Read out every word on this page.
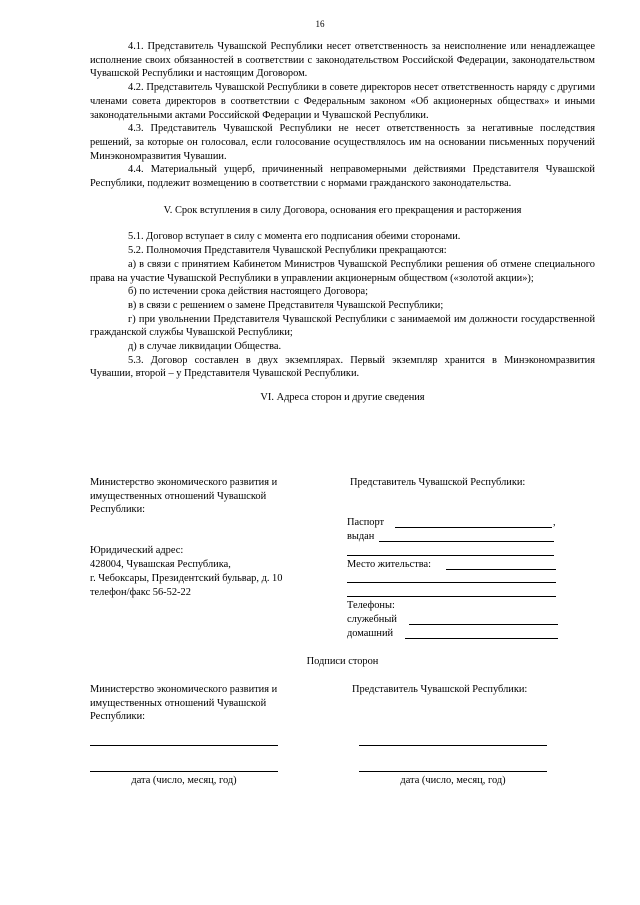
16

4.1. Представитель Чувашской Республики несет ответственность за неисполнение или ненадлежащее исполнение своих обязанностей в соответствии с законодательством Российской Федерации, законодательством Чувашской Республики и настоящим Договором.

4.2. Представитель Чувашской Республики в совете директоров несет ответственность наряду с другими членами совета директоров в соответствии с Федеральным законом «Об акционерных обществах» и иными законодательными актами Российской Федерации и Чувашской Республики.

4.3. Представитель Чувашской Республики не несет ответственность за негативные последствия решений, за которые он голосовал, если голосование осуществлялось им на основании письменных поручений Минэкономразвития Чувашии.

4.4. Материальный ущерб, причиненный неправомерными действиями Представителя Чувашской Республики, подлежит возмещению в соответствии с нормами гражданского законодательства.

V. Срок вступления в силу Договора, основания его прекращения и расторжения

5.1. Договор вступает в силу с момента его подписания обеими сторонами.

5.2. Полномочия Представителя Чувашской Республики прекращаются:

а) в связи с принятием Кабинетом Министров Чувашской Республики решения об отмене специального права на участие Чувашской Республики в управлении акционерным обществом («золотой акции»);

б) по истечении срока действия настоящего Договора;

в) в связи с решением о замене Представителя Чувашской Республики;

г) при увольнении Представителя Чувашской Республики с занимаемой им должности государственной гражданской службы Чувашской Республики;

д) в случае ликвидации Общества.

5.3. Договор составлен в двух экземплярах. Первый экземпляр хранится в Минэкономразвития Чувашии, второй – у Представителя Чувашской Республики.

VI. Адреса сторон и другие сведения

Министерство экономического развития и имущественных отношений Чувашской Республики:
Юридический адрес:
428004, Чувашская Республика,
г. Чебоксары, Президентский бульвар, д. 10
телефон/факс 56-52-22
Представитель Чувашской Республики:
Паспорт	,
выдан
Место жительства:
Телефоны:
служебный
домашний
Подписи сторон
Министерство экономического развития и имущественных отношений Чувашской Республики:
Представитель Чувашской Республики:
дата (число, месяц, год)	дата (число, месяц, год)
